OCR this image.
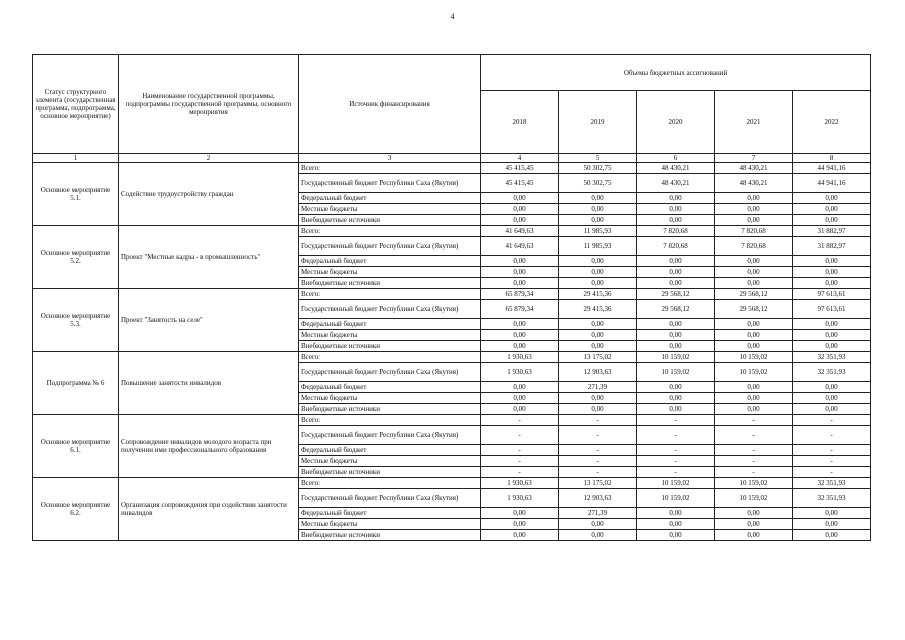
4
Статус структурного элемента (государственная программа, подпрограмма, основное мероприятие)	Наименование государственной программы, подпрограммы государственной программы, основного мероприятия	Источник финансирования	Объемы бюджетных ассигнований				
			2018	2019	2020	2021	2022
1	2	3	4	5	6	7	8
Основное мероприятие 5.1.	Содействие трудоустройству граждан	Всего:	45 415,45	50 302,75	48 430,21	48 430,21	44 941,16
		Государственный бюджет Республики Саха (Якутия)	45 415,45	50 302,75	48 430,21	48 430,21	44 941,16
		Федеральный бюджет	0,00	0,00	0,00	0,00	0,00
		Местные бюджеты	0,00	0,00	0,00	0,00	0,00
		Внебюджетные источники	0,00	0,00	0,00	0,00	0,00
Основное мероприятие 5.2.	Проект "Местные кадры - в промышленность"	Всего:	41 649,63	11 985,93	7 820,68	7 820,68	31 882,97
		Государственный бюджет Республики Саха (Якутия)	41 649,63	11 985,93	7 820,68	7 820,68	31 882,97
		Федеральный бюджет	0,00	0,00	0,00	0,00	0,00
		Местные бюджеты	0,00	0,00	0,00	0,00	0,00
		Внебюджетные источники	0,00	0,00	0,00	0,00	0,00
Основное мероприятие 5.3.	Проект "Занятость на селе"	Всего:	65 879,34	29 415,36	29 568,12	29 568,12	97 613,61
		Государственный бюджет Республики Саха (Якутия)	65 879,34	29 415,36	29 568,12	29 568,12	97 613,61
		Федеральный бюджет	0,00	0,00	0,00	0,00	0,00
		Местные бюджеты	0,00	0,00	0,00	0,00	0,00
		Внебюджетные источники	0,00	0,00	0,00	0,00	0,00
Подпрограмма № 6	Повышение занятости инвалидов	Всего:	1 930,63	13 175,02	10 159,02	10 159,02	32 351,93
		Государственный бюджет Республики Саха (Якутия)	1 930,63	12 903,63	10 159,02	10 159,02	32 351,93
		Федеральный бюджет	0,00	271,39	0,00	0,00	0,00
		Местные бюджеты	0,00	0,00	0,00	0,00	0,00
		Внебюджетные источники	0,00	0,00	0,00	0,00	0,00
Основное мероприятие 6.1.	Сопровождение инвалидов молодого возраста при получении ими профессионального образования	Всего:	-	-	-	-	-
		Государственный бюджет Республики Саха (Якутия)	-	-	-	-	-
		Федеральный бюджет	-	-	-	-	-
		Местные бюджеты	-	-	-	-	-
		Внебюджетные источники	-	-	-	-	-
Основное мероприятие 6.2.	Организация сопровождения при содействии занятости инвалидов	Всего:	1 930,63	13 175,02	10 159,02	10 159,02	32 351,93
		Государственный бюджет Республики Саха (Якутия)	1 930,63	12 903,63	10 159,02	10 159,02	32 351,93
		Федеральный бюджет	0,00	271,39	0,00	0,00	0,00
		Местные бюджеты	0,00	0,00	0,00	0,00	0,00
		Внебюджетные источники	0,00	0,00	0,00	0,00	0,00
